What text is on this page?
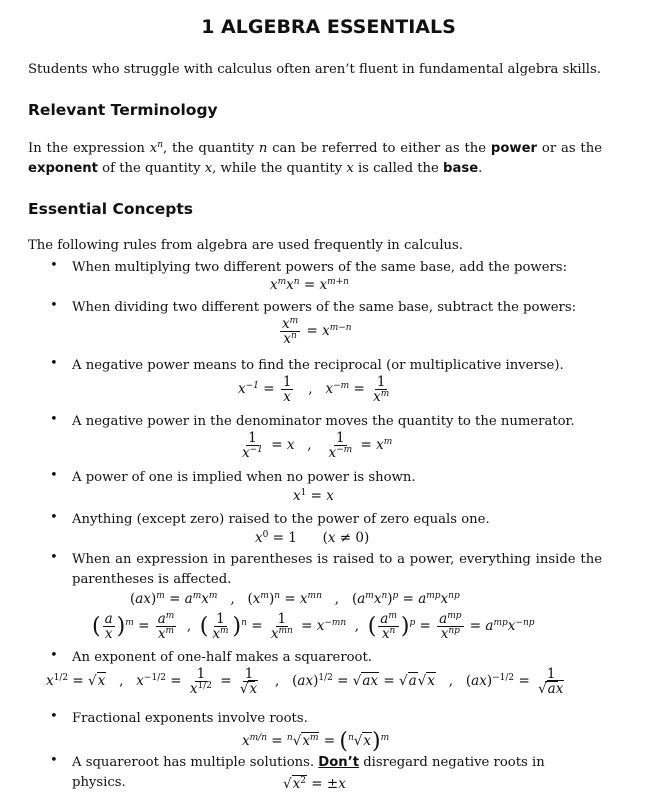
1 ALGEBRA ESSENTIALS
Students who struggle with calculus often aren’t fluent in fundamental algebra skills.
Relevant Terminology
In the expression $x^n$, the quantity n can be referred to either as the power or as the exponent of the quantity x, while the quantity x is called the base.
Essential Concepts
The following rules from algebra are used frequently in calculus.
• When multiplying two different powers of the same base, add the powers:
$x^mx^n = x^{m+n}$
• When dividing two different powers of the same base, subtract the powers:
$\frac{x^m}{x^n} = x^{m-n}$
• A negative power means to find the reciprocal (or multiplicative inverse).
$x^{-1} = \frac{1}{x}$ ,   $x^{-m} = \frac{1}{x^m}$
• A negative power in the denominator moves the quantity to the numerator.
$\frac{1}{x^{-1}} = x$   , $\frac{1}{x^{-m}} = x^m$
• A power of one is implied when no power is shown.
$x^1 = x$
• Anything (except zero) raised to the power of zero equals one.
$x^0 = 1$      (x ≠ 0)
• When an expression in parentheses is raised to a power, everything inside the parentheses is affected.
$(ax)^m = a^mx^m$   ,   $(x^m)^n = x^{mn}$   ,   $(a^mx^n)^p = a^{mp}x^{np}$
( $\frac{a}{x} )^m = \frac{a^m}{x^m}$ ,  ( $\frac{1}{x^m} )^n = \frac{1}{x^{mn}} = x^{-mn}$  ,  ( $\frac{a^m}{x^n} )^p = \frac{a^{mp}}{x^{np}} = a^{mp}x^{-np}$
• An exponent of one-half makes a squareroot.
$x^{1/2} = √x$   ,   $x^{-1/2} = \frac{1}{x^{1/2}} = \frac{1}{√x}$ ,   (ax)$^{1/2}$ = √ax = √a√x   ,   $(ax)^{-1/2} = \frac{1}{√ax}$
• Fractional exponents involve roots.
$x^{m/n} = ^n√x^m = (^n√x)^m$
• A squareroot has multiple solutions. Don’t disregard negative roots in physics.	$√x^2 = \pm x$
